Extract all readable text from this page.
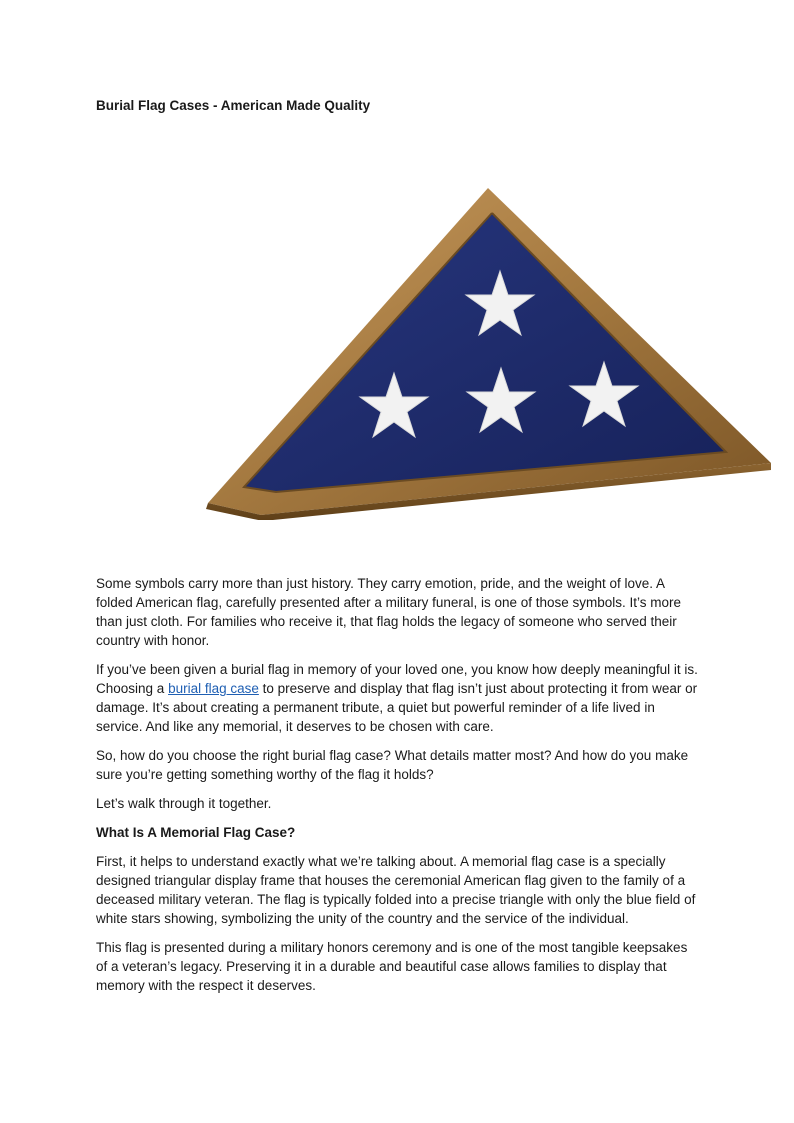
Burial Flag Cases - American Made Quality

Some symbols carry more than just history. They carry emotion, pride, and the weight of love. A folded American flag, carefully presented after a military funeral, is one of those symbols. It’s more than just cloth. For families who receive it, that flag holds the legacy of someone who served their country with honor.

If you’ve been given a burial flag in memory of your loved one, you know how deeply meaningful it is. Choosing a burial flag case to preserve and display that flag isn’t just about protecting it from wear or damage. It’s about creating a permanent tribute, a quiet but powerful reminder of a life lived in service. And like any memorial, it deserves to be chosen with care.

So, how do you choose the right burial flag case? What details matter most? And how do you make sure you’re getting something worthy of the flag it holds?

Let’s walk through it together.

What Is A Memorial Flag Case?

First, it helps to understand exactly what we’re talking about. A memorial flag case is a specially designed triangular display frame that houses the ceremonial American flag given to the family of a deceased military veteran. The flag is typically folded into a precise triangle with only the blue field of white stars showing, symbolizing the unity of the country and the service of the individual.

This flag is presented during a military honors ceremony and is one of the most tangible keepsakes of a veteran’s legacy. Preserving it in a durable and beautiful case allows families to display that memory with the respect it deserves.
